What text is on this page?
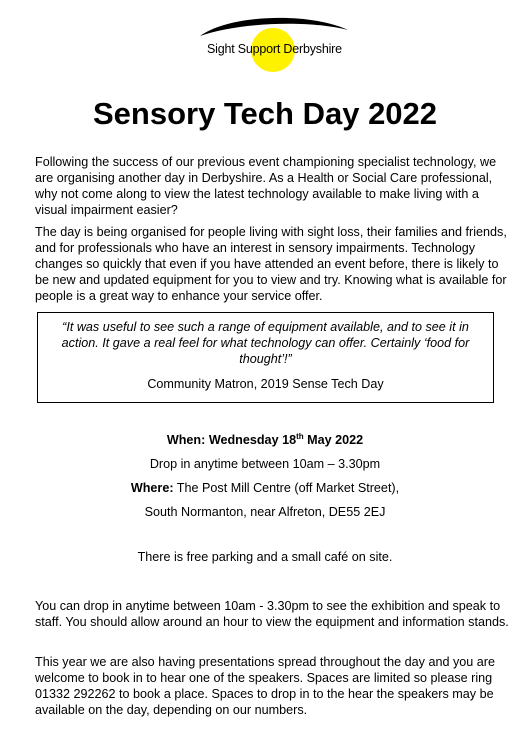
Sight Support Derbyshire
Sensory Tech Day 2022

Following the success of our previous event championing specialist technology, we are organising another day in Derbyshire. As a Health or Social Care professional, why not come along to view the latest technology available to make living with a visual impairment easier?

The day is being organised for people living with sight loss, their families and friends, and for professionals who have an interest in sensory impairments. Technology changes so quickly that even if you have attended an event before, there is likely to be new and updated equipment for you to view and try. Knowing what is available for people is a great way to enhance your service offer.

“It was useful to see such a range of equipment available, and to see it in action. It gave a real feel for what technology can offer. Certainly ‘food for thought’!”
Community Matron, 2019 Sense Tech Day

When: Wednesday 18th May 2022

Drop in anytime between 10am – 3.30pm

Where: The Post Mill Centre (off Market Street),

South Normanton, near Alfreton, DE55 2EJ

There is free parking and a small café on site.

You can drop in anytime between 10am - 3.30pm to see the exhibition and speak to staff. You should allow around an hour to view the equipment and information stands.

This year we are also having presentations spread throughout the day and you are welcome to book in to hear one of the speakers. Spaces are limited so please ring 01332 292262 to book a place. Spaces to drop in to the hear the speakers may be available on the day, depending on our numbers.
